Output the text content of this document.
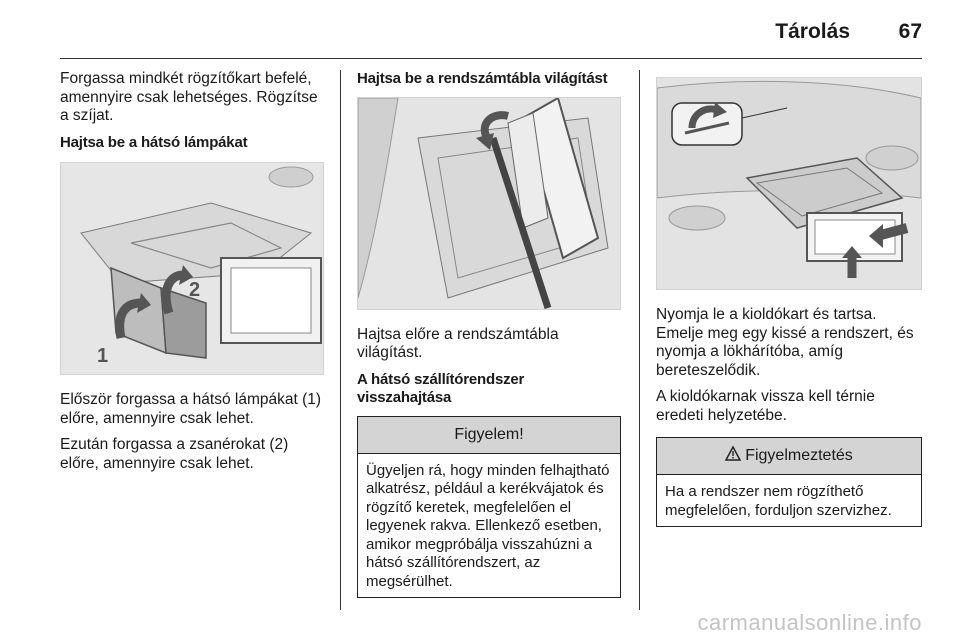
Tárolás 67

Forgassa mindkét rögzítőkart befelé, amennyire csak lehetséges. Rögzítse a szíjat.

Hajtsa be a hátsó lámpákat
1
2

Először forgassa a hátsó lámpákat (1) előre, amennyire csak lehet.

Ezután forgassa a zsanérokat (2) előre, amennyire csak lehet.

Hajtsa be a rendszámtábla világítást

Hajtsa előre a rendszámtábla világítást.

A hátsó szállítórendszer visszahajtása
Figyelem!
Ügyeljen rá, hogy minden felhajtható alkatrész, például a kerékvájatok és rögzítő keretek, megfelelően el legyenek rakva. Ellenkező esetben, amikor megpróbálja visszahúzni a hátsó szállítórendszert, az megsérülhet.

Nyomja le a kioldókart és tartsa. Emelje meg egy kissé a rendszert, és nyomja a lökhárítóba, amíg bereteszelődik.

A kioldókarnak vissza kell térnie eredeti helyzetébe.

Figyelmeztetés
Ha a rendszer nem rögzíthető megfelelően, forduljon szervizhez.
carmanualsonline.info
